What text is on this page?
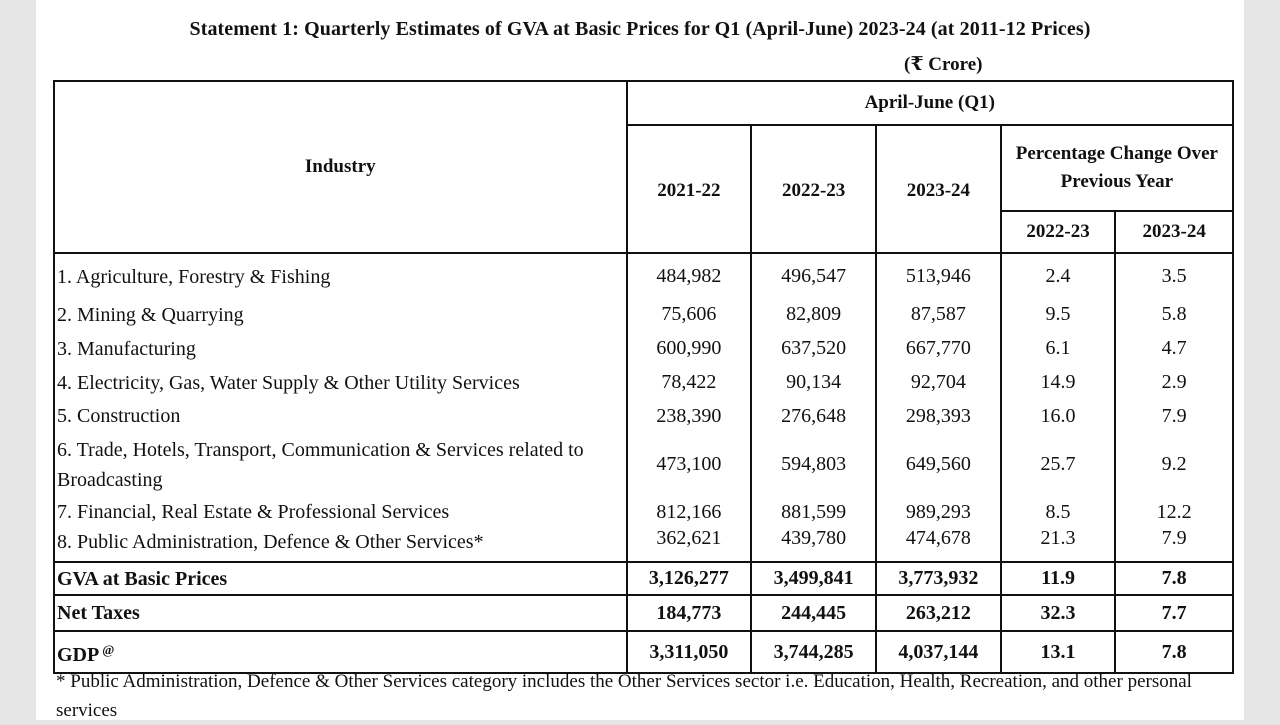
Statement 1: Quarterly Estimates of GVA at Basic Prices for Q1 (April-June) 2023-24 (at 2011-12 Prices)
(₹ Crore)
Industry	April-June (Q1)				
	2021-22	2022-23	2023-24	Percentage Change Over Previous Year	
				2022-23	2023-24
1. Agriculture, Forestry & Fishing	484,982	496,547	513,946	2.4	3.5
2. Mining & Quarrying	75,606	82,809	87,587	9.5	5.8
3. Manufacturing	600,990	637,520	667,770	6.1	4.7
4. Electricity, Gas, Water Supply & Other Utility Services	78,422	90,134	92,704	14.9	2.9
5. Construction	238,390	276,648	298,393	16.0	7.9
6. Trade, Hotels, Transport, Communication & Services related to Broadcasting	473,100	594,803	649,560	25.7	9.2
7. Financial, Real Estate & Professional Services	812,166	881,599	989,293	8.5	12.2
8. Public Administration, Defence & Other Services*	362,621	439,780	474,678	21.3	7.9
GVA at Basic Prices	3,126,277	3,499,841	3,773,932	11.9	7.8
Net Taxes	184,773	244,445	263,212	32.3	7.7
GDP @	3,311,050	3,744,285	4,037,144	13.1	7.8
* Public Administration, Defence & Other Services category includes the Other Services sector i.e. Education, Health, Recreation, and other personal services
